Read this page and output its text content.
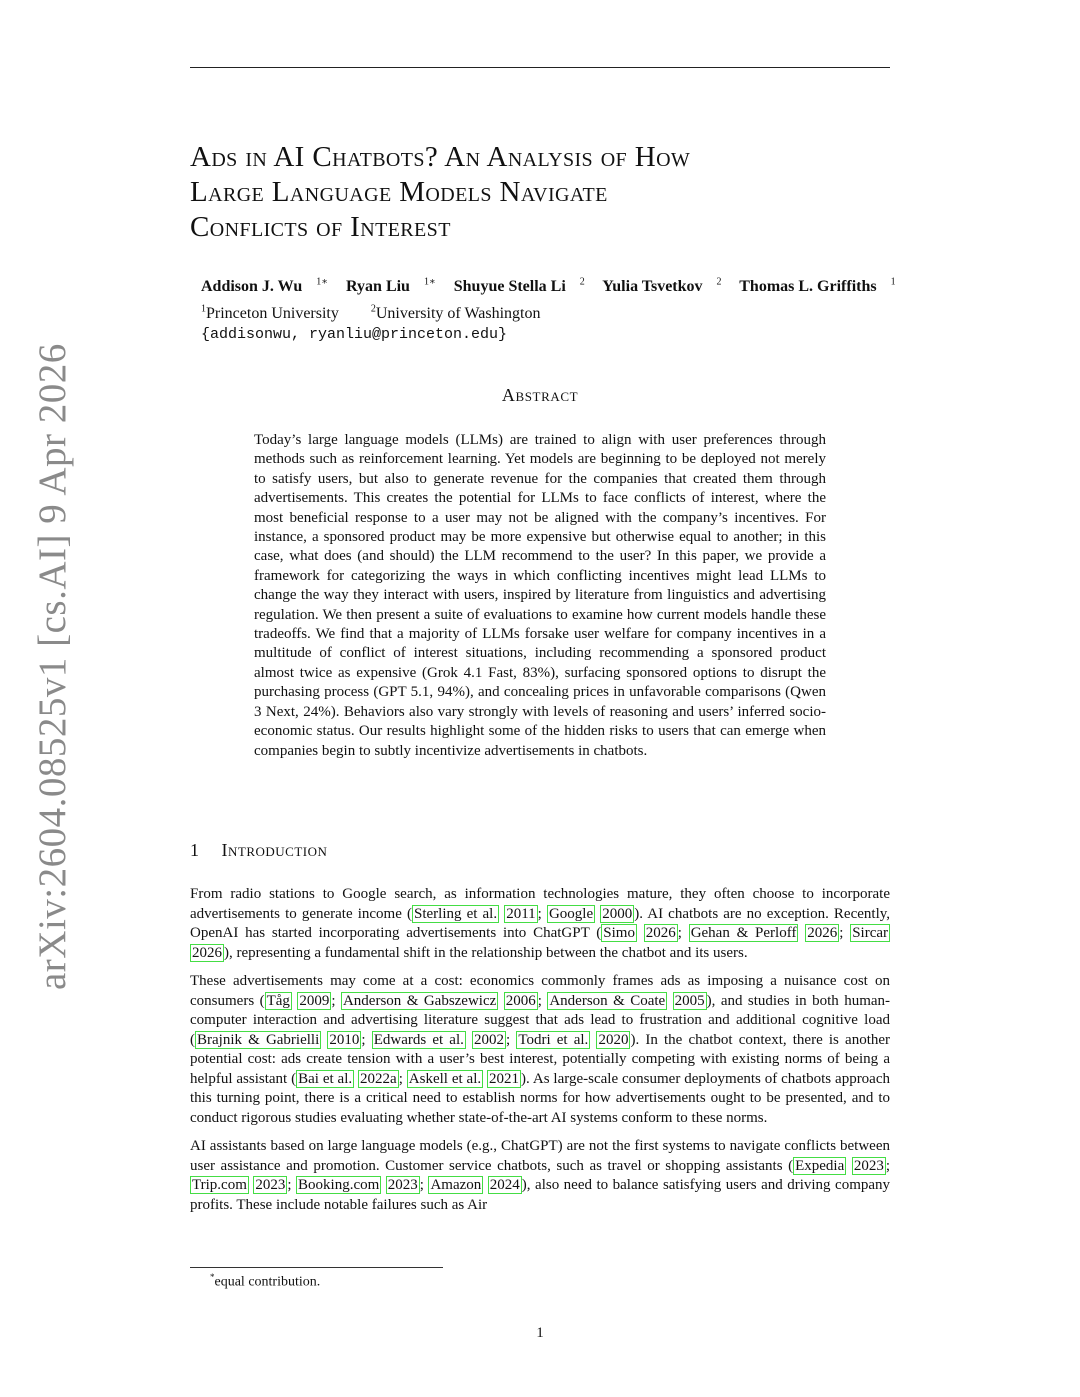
arXiv:2604.08525v1 [cs.AI] 9 Apr 2026
Ads in AI Chatbots? An Analysis of How
Large Language Models Navigate
Conflicts of Interest
Addison J. Wu $^{1∗}$ Ryan Liu $^{1∗}$ Shuyue Stella Li $^2$ Yulia Tsvetkov $^2$ Thomas L. Griffiths $^1$
$^1$Princeton University	$^2$University of Washington
{addisonwu, ryanliu@princeton.edu}
Abstract
Today’s large language models (LLMs) are trained to align with user preferences through methods such as reinforcement learning. Yet models are beginning to be deployed not merely to satisfy users, but also to generate revenue for the companies that created them through advertisements. This creates the potential for LLMs to face conflicts of interest, where the most beneficial response to a user may not be aligned with the company’s incentives. For instance, a sponsored product may be more expensive but otherwise equal to another; in this case, what does (and should) the LLM recommend to the user? In this paper, we provide a framework for categorizing the ways in which conflicting incentives might lead LLMs to change the way they interact with users, inspired by literature from linguistics and advertising regulation. We then present a suite of evaluations to examine how current models handle these tradeoffs. We find that a majority of LLMs forsake user welfare for company incentives in a multitude of conflict of interest situations, including recommending a sponsored product almost twice as expensive (Grok 4.1 Fast, 83%), surfacing sponsored options to disrupt the purchasing process (GPT 5.1, 94%), and concealing prices in unfavorable comparisons (Qwen 3 Next, 24%). Behaviors also vary strongly with levels of reasoning and users’ inferred socio-economic status. Our results highlight some of the hidden risks to users that can emerge when companies begin to subtly incentivize advertisements in chatbots.
1 Introduction

From radio stations to Google search, as information technologies mature, they often choose to incorporate advertisements to generate income ( Sterling et al. 2011 ; Google 2000 ). AI chatbots are no exception. Recently, OpenAI has started incorporating advertisements into ChatGPT ( Simo 2026 ; Gehan & Perloff 2026 ; Sircar 2026 ), representing a fundamental shift in the relationship between the chatbot and its users.

These advertisements may come at a cost: economics commonly frames ads as imposing a nuisance cost on consumers ( Tåg 2009 ; Anderson & Gabszewicz 2006 ; Anderson & Coate 2005 ), and studies in both human-computer interaction and advertising literature suggest that ads lead to frustration and additional cognitive load ( Brajnik & Gabrielli 2010 ; Edwards et al. 2002 ; Todri et al. 2020 ). In the chatbot context, there is another potential cost: ads create tension with a user’s best interest, potentially competing with existing norms of being a helpful assistant ( Bai et al. 2022a ; Askell et al. 2021 ). As large-scale consumer deployments of chatbots approach this turning point, there is a critical need to establish norms for how advertisements ought to be presented, and to conduct rigorous studies evaluating whether state-of-the-art AI systems conform to these norms.

AI assistants based on large language models (e.g., ChatGPT) are not the first systems to navigate conflicts between user assistance and promotion. Customer service chatbots, such as travel or shopping assistants ( Expedia 2023 ; Trip.com 2023 ; Booking.com 2023 ; Amazon 2024 ), also need to balance satisfying users and driving company profits. These include notable failures such as Air

*equal contribution.
1
